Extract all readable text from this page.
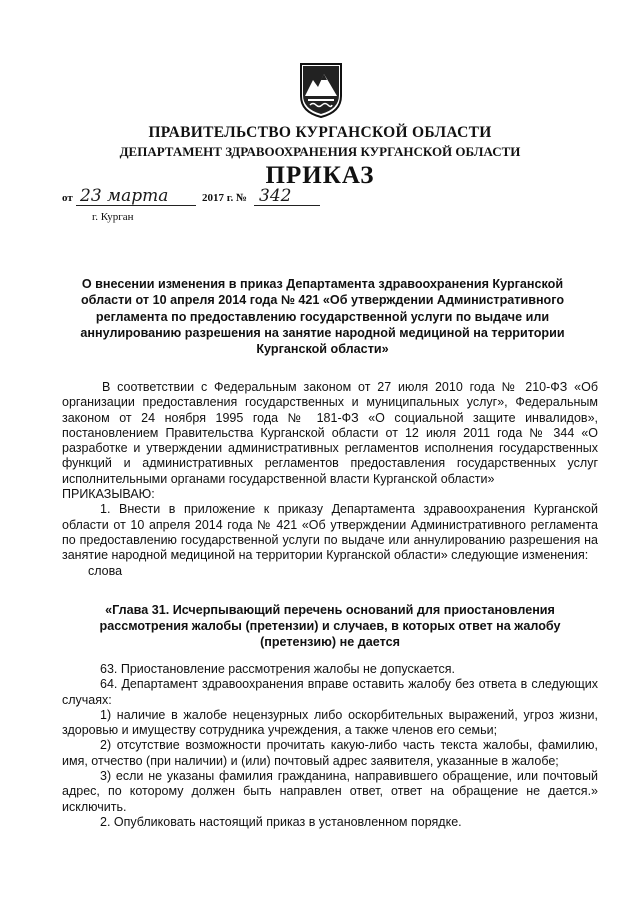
ПРАВИТЕЛЬСТВО КУРГАНСКОЙ ОБЛАСТИ
ДЕПАРТАМЕНТ ЗДРАВООХРАНЕНИЯ КУРГАНСКОЙ ОБЛАСТИ
ПРИКАЗ
от 23 марта	2017 г. № 342
г. Курган
О внесении изменения в приказ Департамента здравоохранения Курганской области от 10 апреля 2014 года № 421 «Об утверждении Административного регламента по предоставлению государственной услуги по выдаче или аннулированию разрешения на занятие народной медициной на территории Курганской области»

В соответствии с Федеральным законом от 27 июля 2010 года № 210-ФЗ «Об организации предоставления государственных и муниципальных услуг», Федеральным законом от 24 ноября 1995 года № 181-ФЗ «О социальной защите инвалидов», постановлением Правительства Курганской области от 12 июля 2011 года № 344 «О разработке и утверждении административных регламентов исполнения государственных функций и административных регламентов предоставления государственных услуг исполнительными органами государственной власти Курганской области»

ПРИКАЗЫВАЮ:

1. Внести в приложение к приказу Департамента здравоохранения Курганской области от 10 апреля 2014 года № 421 «Об утверждении Административного регламента по предоставлению государственной услуги по выдаче или аннулированию разрешения на занятие народной медициной на территории Курганской области» следующие изменения:

слова

«Глава 31. Исчерпывающий перечень оснований для приостановления рассмотрения жалобы (претензии) и случаев, в которых ответ на жалобу (претензию) не дается

63. Приостановление рассмотрения жалобы не допускается.

64. Департамент здравоохранения вправе оставить жалобу без ответа в следующих случаях:

1) наличие в жалобе нецензурных либо оскорбительных выражений, угроз жизни, здоровью и имуществу сотрудника учреждения, а также членов его семьи;

2) отсутствие возможности прочитать какую-либо часть текста жалобы, фамилию, имя, отчество (при наличии) и (или) почтовый адрес заявителя, указанные в жалобе;

3) если не указаны фамилия гражданина, направившего обращение, или почтовый адрес, по которому должен быть направлен ответ, ответ на обращение не дается.» исключить.

2. Опубликовать настоящий приказ в установленном порядке.
